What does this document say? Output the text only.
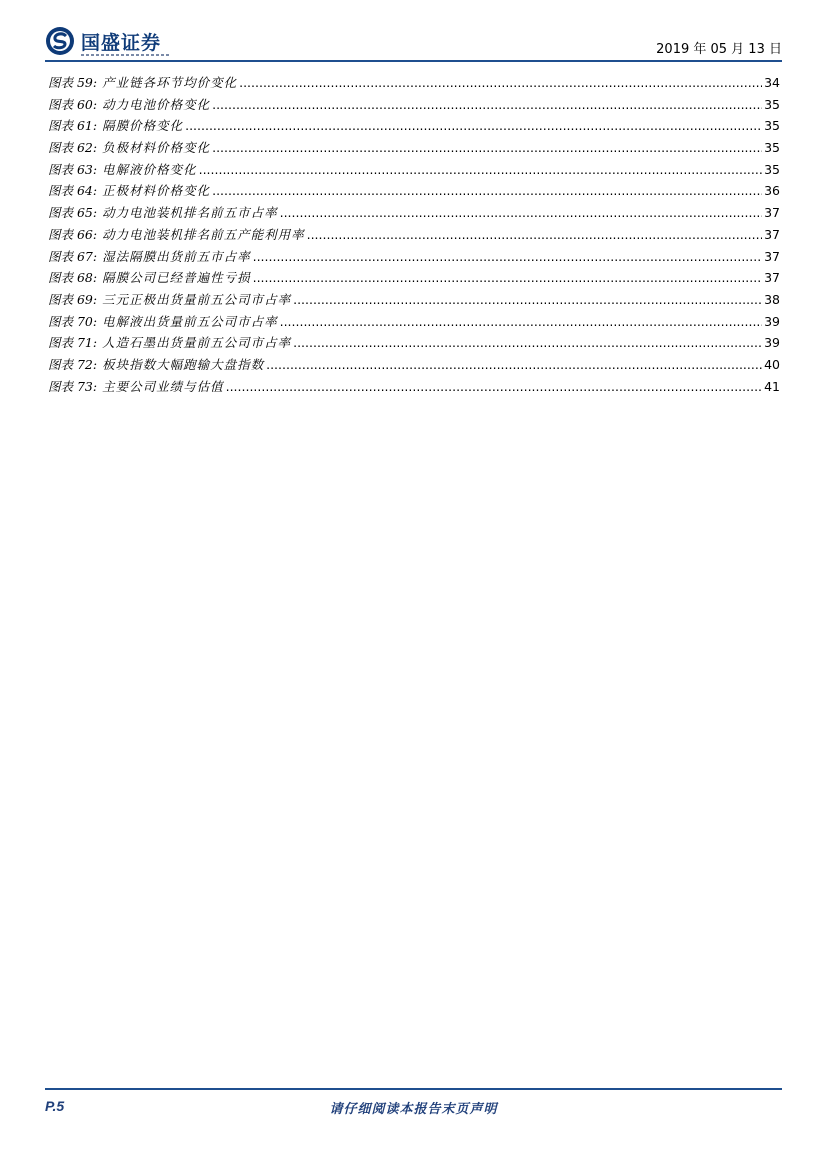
国盛证券	2019 年 05 月 13 日
图表 59: 产业链各环节均价变化 .....	34
图表 60: 动力电池价格变化 .....	35
图表 61: 隔膜价格变化 .....	35
图表 62: 负极材料价格变化 .....	35
图表 63: 电解液价格变化 .....	35
图表 64: 正极材料价格变化 .....	36
图表 65: 动力电池装机排名前五市占率 .....	37
图表 66: 动力电池装机排名前五产能利用率 .....	37
图表 67: 湿法隔膜出货前五市占率 .....	37
图表 68: 隔膜公司已经普遍性亏损 .....	37
图表 69: 三元正极出货量前五公司市占率 .....	38
图表 70: 电解液出货量前五公司市占率 .....	39
图表 71: 人造石墨出货量前五公司市占率 .....	39
图表 72: 板块指数大幅跑输大盘指数 .....	40
图表 73: 主要公司业绩与估值 .....	41
P.5	请仔细阅读本报告末页声明
